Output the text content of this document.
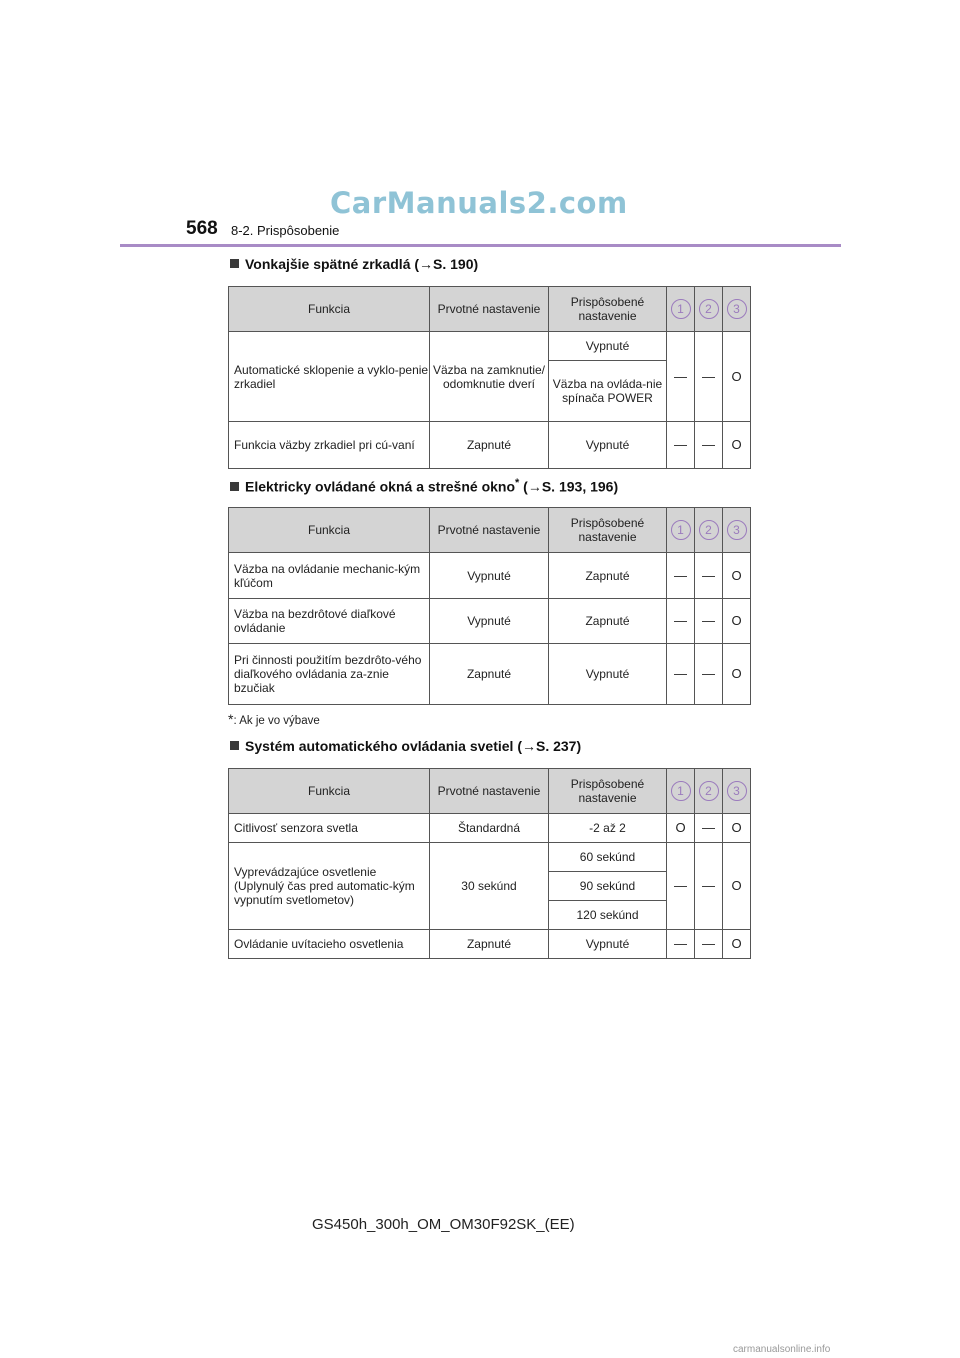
CarManuals2.com
568 8-2. Prispôsobenie
Vonkajšie spätné zrkadlá (→S. 190)
Funkcia	Prvotné nastavenie	Prispôsobené nastavenie	1	2	3
Automatické sklopenie a vyklo-penie zrkadiel	Väzba na zamknutie/ odomknutie dverí	Vypnuté	—	—	O
		Väzba na ovláda-nie spínača POWER			
Funkcia väzby zrkadiel pri cú-vaní	Zapnuté	Vypnuté	—	—	O
Elektricky ovládané okná a strešné okno* (→S. 193, 196)
Funkcia	Prvotné nastavenie	Prispôsobené nastavenie	1	2	3
Väzba na ovládanie mechanic-kým kľúčom	Vypnuté	Zapnuté	—	—	O
Väzba na bezdrôtové diaľkové ovládanie	Vypnuté	Zapnuté	—	—	O
Pri činnosti použitím bezdrôto-vého diaľkového ovládania za-znie bzučiak	Zapnuté	Vypnuté	—	—	O
*: Ak je vo výbave
Systém automatického ovládania svetiel (→S. 237)
Funkcia	Prvotné nastavenie	Prispôsobené nastavenie	1	2	3
Citlivosť senzora svetla	Štandardná	-2 až 2	O	—	O
Vyprevádzajúce osvetlenie (Uplynulý čas pred automatic-kým vypnutím svetlometov)	30 sekúnd	60 sekúnd	—	—	O
		90 sekúnd			
		120 sekúnd			
Ovládanie uvítacieho osvetlenia	Zapnuté	Vypnuté	—	—	O
GS450h_300h_OM_OM30F92SK_(EE)
carmanualsonline.info
